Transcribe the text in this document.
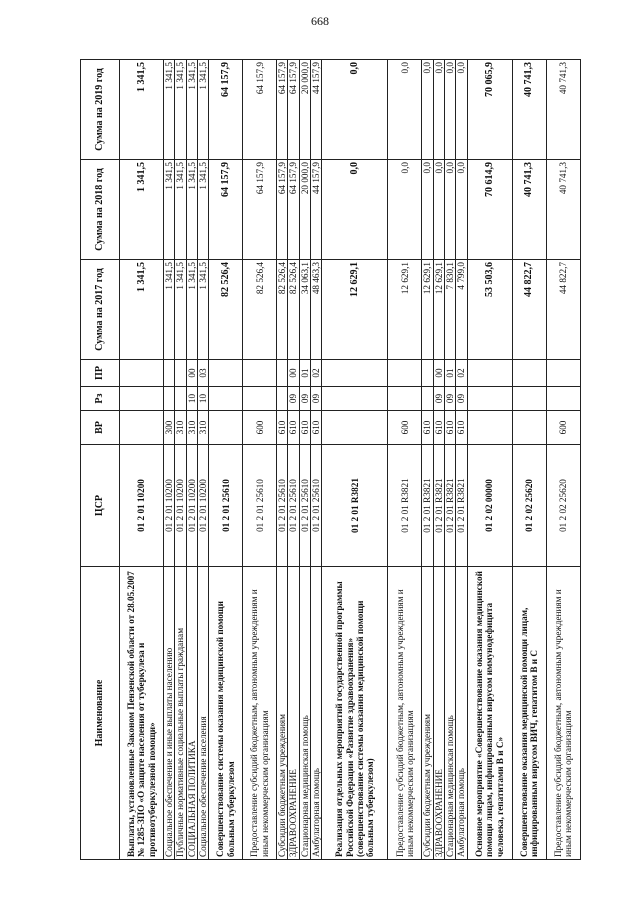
668
Наименование	ЦСР	ВР	Рз	ПР	Сумма на 2017 год	Сумма на 2018 год	Сумма на 2019 год
Выплаты, установленные Законом Пензенской области от 28.05.2007 № 1285-ЗПО «О защите населения от туберкулеза и противотуберкулезной помощи»	01 2 01 10200				1 341,5	1 341,5	1 341,5
Социальное обеспечение и иные выплаты населению	01 2 01 10200	300			1 341,5	1 341,5	1 341,5
Публичные нормативные социальные выплаты гражданам	01 2 01 10200	310			1 341,5	1 341,5	1 341,5
СОЦИАЛЬНАЯ ПОЛИТИКА	01 2 01 10200	310	10	00	1 341,5	1 341,5	1 341,5
Социальное обеспечение населения	01 2 01 10200	310	10	03	1 341,5	1 341,5	1 341,5
Совершенствование системы оказания медицинской помощи больным туберкулезом	01 2 01 25610				82 526,4	64 157,9	64 157,9
Предоставление субсидий бюджетным, автономным учреждениям и иным некоммерческим организациям	01 2 01 25610	600			82 526,4	64 157,9	64 157,9
Субсидии бюджетным учреждениям	01 2 01 25610	610			82 526,4	64 157,9	64 157,9
ЗДРАВООХРАНЕНИЕ	01 2 01 25610	610	09	00	82 526,4	64 157,9	64 157,9
Стационарная медицинская помощь	01 2 01 25610	610	09	01	34 063,1	20 000,0	20 000,0
Амбулаторная помощь	01 2 01 25610	610	09	02	48 463,3	44 157,9	44 157,9
Реализация отдельных мероприятий государственной программы Российской Федерации «Развитие здравоохранения» (совершенствование системы оказания медицинской помощи больным туберкулезом)	01 2 01 R3821				12 629,1	0,0	0,0
Предоставление субсидий бюджетным, автономным учреждениям и иным некоммерческим организациям	01 2 01 R3821	600			12 629,1	0,0	0,0
Субсидии бюджетным учреждениям	01 2 01 R3821	610			12 629,1	0,0	0,0
ЗДРАВООХРАНЕНИЕ	01 2 01 R3821	610	09	00	12 629,1	0,0	0,0
Стационарная медицинская помощь	01 2 01 R3821	610	09	01	7 830,1	0,0	0,0
Амбулаторная помощь	01 2 01 R3821	610	09	02	4 799,0	0,0	0,0
Основное мероприятие «Совершенствование оказания медицинской помощи лицам, инфицированным вирусом иммунодефицита человека, гепатитами В и С»	01 2 02 00000				53 503,6	70 614,9	70 065,9
Совершенствование оказания медицинской помощи лицам, инфицированным вирусом ВИЧ, гепатитом В и С	01 2 02 25620				44 822,7	40 741,3	40 741,3
Предоставление субсидий бюджетным, автономным учреждениям и иным некоммерческим организациям	01 2 02 25620	600			44 822,7	40 741,3	40 741,3
